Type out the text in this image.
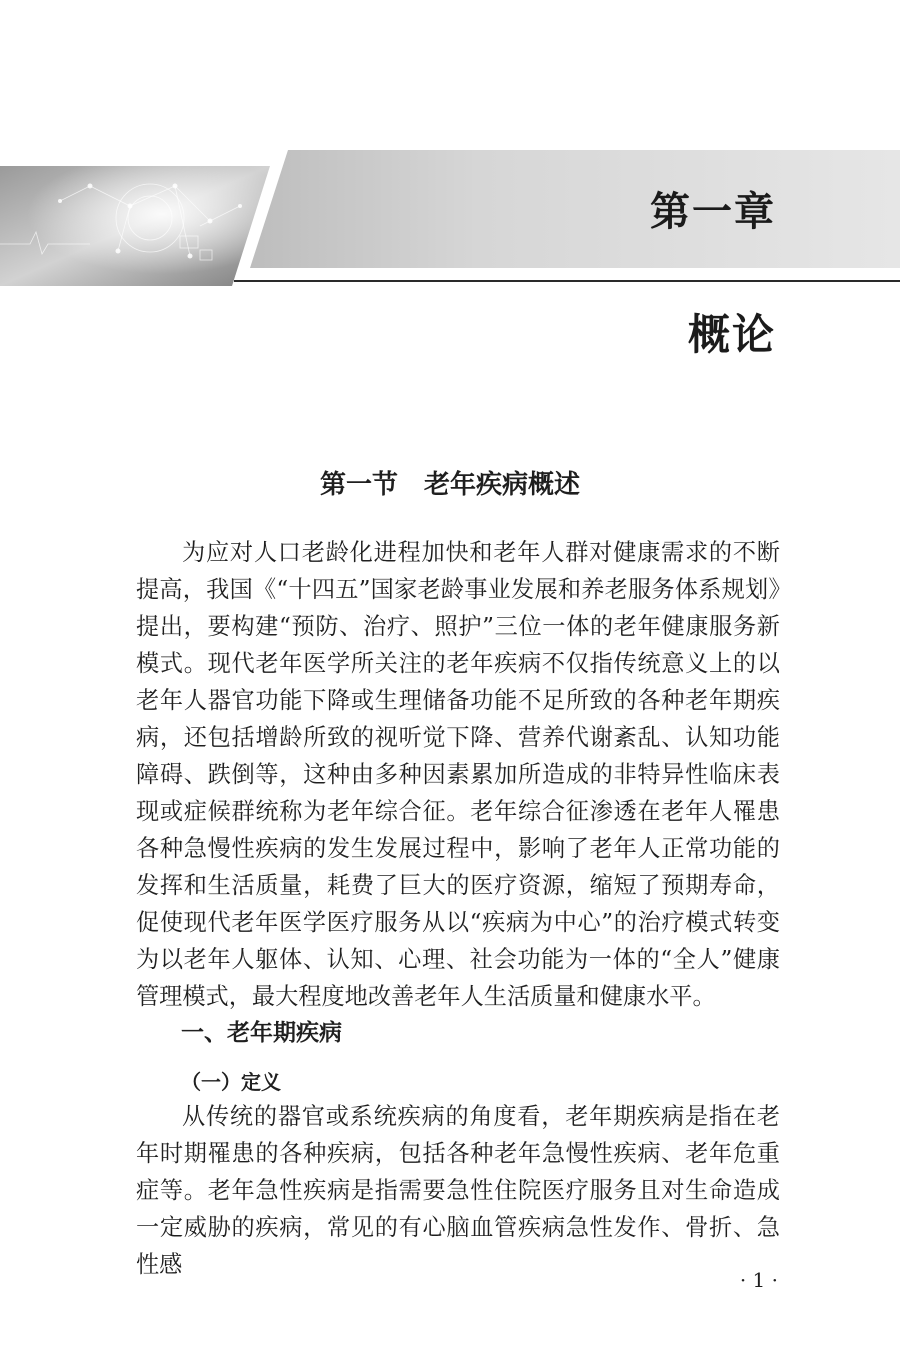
第一章
概论
第一节　老年疾病概述

为应对人口老龄化进程加快和老年人群对健康需求的不断提高，我国《“十四五”国家老龄事业发展和养老服务体系规划》提出，要构建“预防、治疗、照护”三位一体的老年健康服务新模式。现代老年医学所关注的老年疾病不仅指传统意义上的以老年人器官功能下降或生理储备功能不足所致的各种老年期疾病，还包括增龄所致的视听觉下降、营养代谢紊乱、认知功能障碍、跌倒等，这种由多种因素累加所造成的非特异性临床表现或症候群统称为老年综合征。老年综合征渗透在老年人罹患各种急慢性疾病的发生发展过程中，影响了老年人正常功能的发挥和生活质量，耗费了巨大的医疗资源，缩短了预期寿命，促使现代老年医学医疗服务从以“疾病为中心”的治疗模式转变为以老年人躯体、认知、心理、社会功能为一体的“全人”健康管理模式，最大程度地改善老年人生活质量和健康水平。

一、老年期疾病
（一）定义

从传统的器官或系统疾病的角度看，老年期疾病是指在老年时期罹患的各种疾病，包括各种老年急慢性疾病、老年危重症等。老年急性疾病是指需要急性住院医疗服务且对生命造成一定威胁的疾病，常见的有心脑血管疾病急性发作、骨折、急性感

· 1 ·
